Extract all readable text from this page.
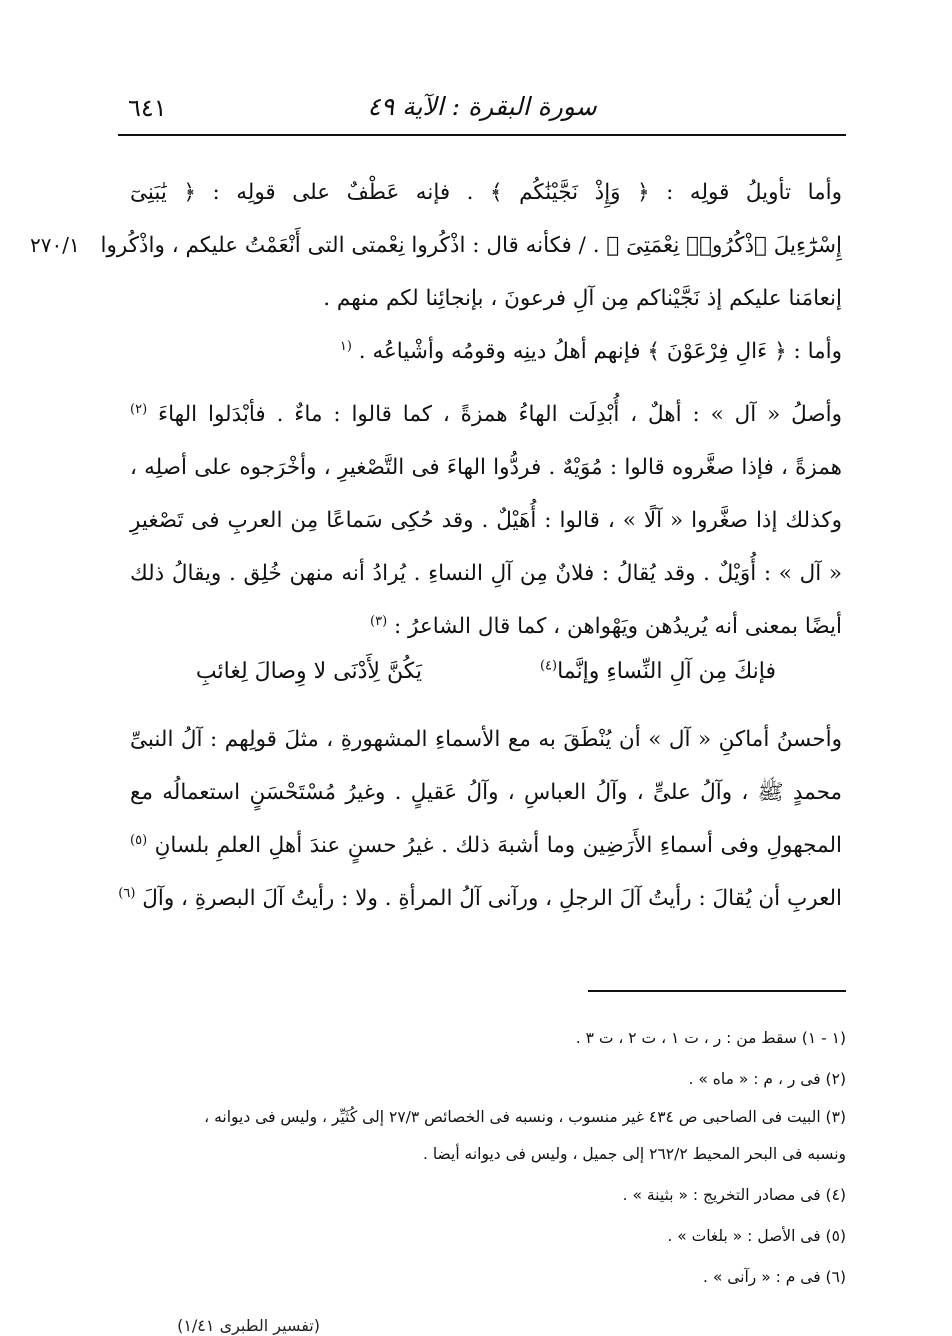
سورة البقرة : الآية ٤٩
٦٤١
٢٧٠/١
وأما تأويلُ قولِه : ﴿ وَإِذْ نَجَّيْنَٰكُم ﴾ . فإنه عَطْفٌ على قولِه : ﴿ يَٰبَنِىٓ
إِسْرَٰٓءِيلَ ٱذْكُرُوا۟ نِعْمَتِىَ ﴾ . / فكأنه قال : اذْكُروا نِعْمتى التى أَنْعَمْتُ عليكم ، واذْكُروا
إنعامَنا عليكم إذ نَجَّيْناكم مِن آلِ فرعونَ ، بإنجائِنا لكم منهم .
وأما : ﴿ ءَالِ فِرْعَوْنَ ﴾ فإنهم أهلُ دينِه وقومُه وأشْياعُه . $^{(١}$
وأصلُ « آل » : أهلٌ ، أُبْدِلَت الهاءُ همزةً ، كما قالوا : ماءٌ . فأبْدَلوا الهاءَ $^{(٢)}$
همزةً ، فإذا صغَّروه قالوا : مُوَيْهٌ . فردُّوا الهاءَ فى التَّصْغيرِ ، وأخْرَجوه على أصلِه ،
وكذلك إذا صغَّروا « آلًا » ، قالوا : أُهَيْلٌ . وقد حُكِى سَماعًا مِن العربِ فى تَصْغيرِ
« آل » : أُوَيْلٌ . وقد يُقالُ : فلانٌ مِن آلِ النساءِ . يُرادُ أنه منهن خُلِق . ويقالُ ذلك
أيضًا بمعنى أنه يُريدُهن ويَهْواهن ، كما قال الشاعرُ : $^{(٣)}$
فإنكَ مِن آلِ النِّساءِ وإنَّما$^{(٤)}$
يَكُنَّ لِأَدْنَى لا وِصالَ لِغائبِ
وأحسنُ أماكنِ « آل » أن يُنْطَقَ به مع الأسماءِ المشهورةِ ، مثلَ قولِهم : آلُ النبىِّ
محمدٍ ﷺ ، وآلُ علىٍّ ، وآلُ العباسِ ، وآلُ عَقيلٍ . وغيرُ مُسْتَحْسَنٍ استعمالُه مع
المجهولِ وفى أسماءِ الأَرَضِين وما أشبهَ ذلك . غيرُ حسنٍ عندَ أهلِ العلمِ بلسانِ $^{(٥)}$
العربِ أن يُقالَ : رأيتُ آلَ الرجلِ ، ورآنى آلُ المرأةِ . ولا : رأيتُ آلَ البصرةِ ، وآلَ $^{(٦)}$
(١ - ١) سقط من : ر ، ت ١ ، ت ٢ ، ت ٣ .
(٢) فى ر ، م : « ماه » .
(٣) البيت فى الصاحبى ص ٤٣٤ غير منسوب ، ونسبه فى الخصائص ٢٧/٣ إلى كُثَيِّر ، وليس فى ديوانه ،
ونسبه فى البحر المحيط ٢٦٢/٢ إلى جميل ، وليس فى ديوانه أيضا .
(٤) فى مصادر التخريج : « بثينة » .
(٥) فى الأصل : « بلغات » .
(٦) فى م : « رآنى » .
(تفسير الطبرى ١/٤١)
